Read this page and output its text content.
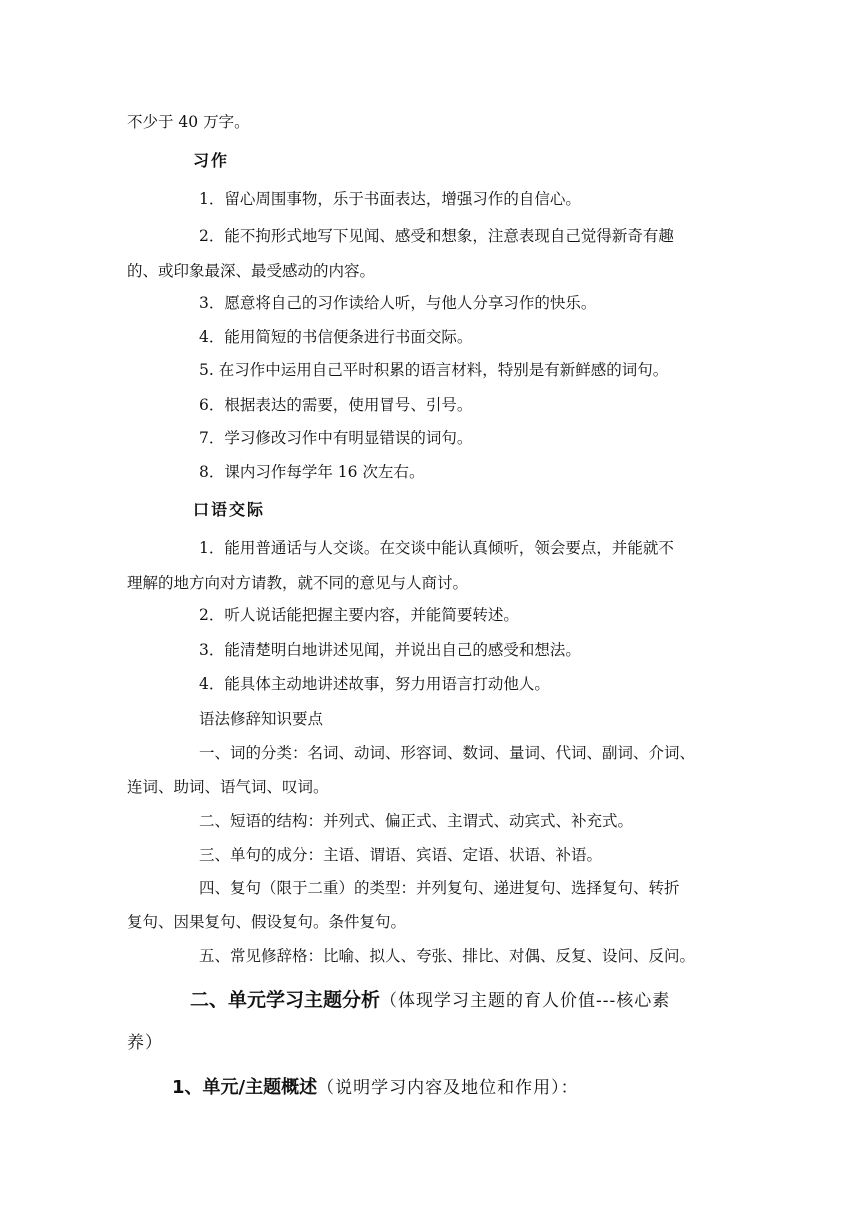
不少于 40 万字。
习作
1．留心周围事物，乐于书面表达，增强习作的自信心。
2．能不拘形式地写下见闻、感受和想象，注意表现自己觉得新奇有趣
的、或印象最深、最受感动的内容。
3．愿意将自己的习作读给人听，与他人分享习作的快乐。
4．能用简短的书信便条进行书面交际。
5. 在习作中运用自己平时积累的语言材料，特别是有新鲜感的词句。
6．根据表达的需要，使用冒号、引号。
7．学习修改习作中有明显错误的词句。
8．课内习作每学年 16 次左右。
口语交际
1．能用普通话与人交谈。在交谈中能认真倾听，领会要点，并能就不
理解的地方向对方请教，就不同的意见与人商讨。
2．听人说话能把握主要内容，并能简要转述。
3．能清楚明白地讲述见闻，并说出自己的感受和想法。
4．能具体主动地讲述故事，努力用语言打动他人。
语法修辞知识要点
一、词的分类：名词、动词、形容词、数词、量词、代词、副词、介词、
连词、助词、语气词、叹词。
二、短语的结构：并列式、偏正式、主谓式、动宾式、补充式。
三、单句的成分：主语、谓语、宾语、定语、状语、补语。
四、复句（限于二重）的类型：并列复句、递进复句、选择复句、转折
复句、因果复句、假设复句。条件复句。
五、常见修辞格：比喻、拟人、夸张、排比、对偶、反复、设问、反问。
二、单元学习主题分析（体现学习主题的育人价值---核心素
养）
1、单元/主题概述（说明学习内容及地位和作用）：
